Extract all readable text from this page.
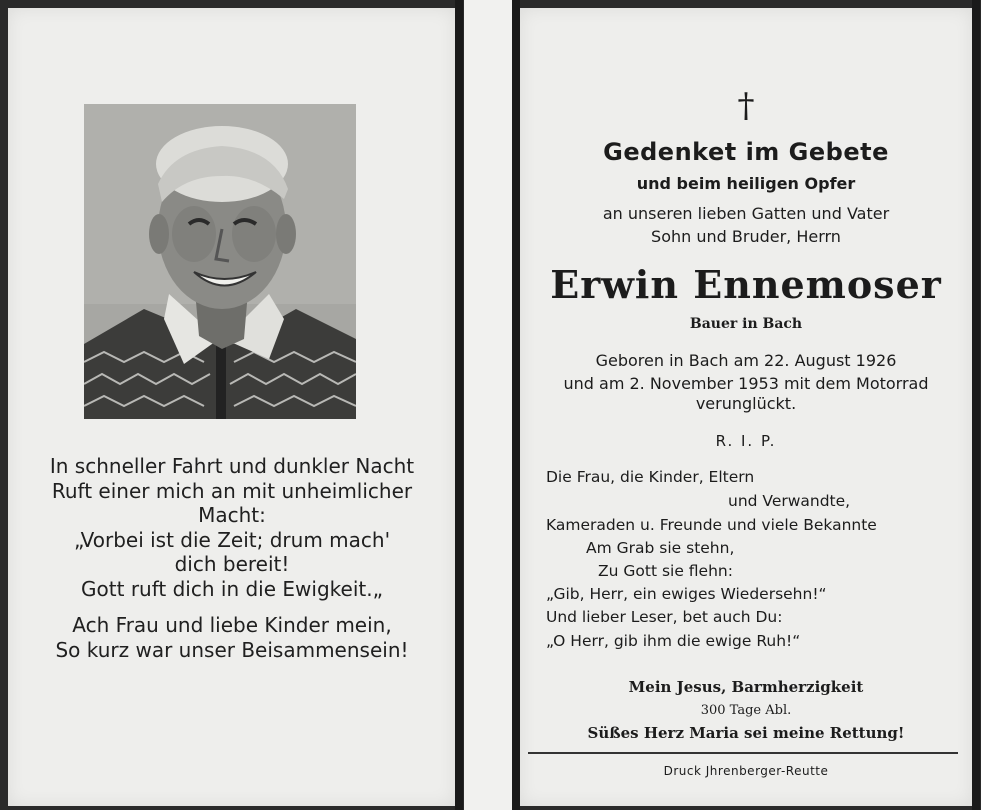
In schneller Fahrt und dunkler Nacht
Ruft einer mich an mit unheimlicher
Macht:
„Vorbei ist die Zeit; drum mach'
dich bereit!
Gott ruft dich in die Ewigkeit.„
Ach Frau und liebe Kinder mein,
So kurz war unser Beisammensein!
†
Gedenket im Gebete
und beim heiligen Opfer
an unseren lieben Gatten und Vater
Sohn und Bruder, Herrn
Erwin Ennemoser
Bauer in Bach
Geboren in Bach am 22. August 1926
und am 2. November 1953 mit dem Motorrad
verunglückt.
R. I. P.
Die Frau, die Kinder, Eltern
und Verwandte,
Kameraden u. Freunde und viele Bekannte
Am Grab sie stehn,
Zu Gott sie flehn:
„Gib, Herr, ein ewiges Wiedersehn!“
Und lieber Leser, bet auch Du:
„O Herr, gib ihm die ewige Ruh!“
Mein Jesus, Barmherzigkeit
300 Tage Abl.
Süßes Herz Maria sei meine Rettung!
Druck Jhrenberger-Reutte
